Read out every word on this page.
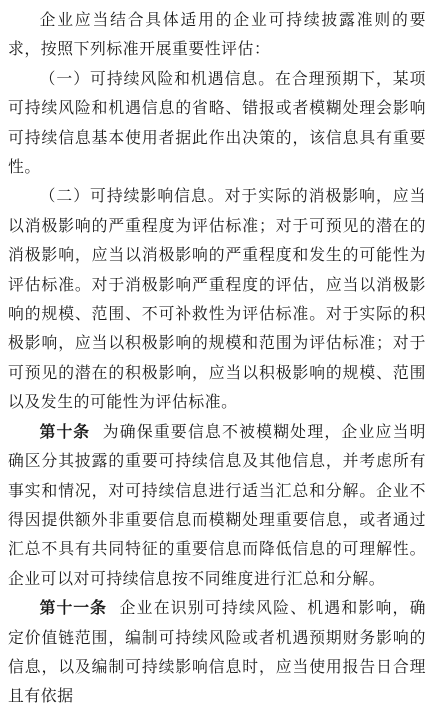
企业应当结合具体适用的企业可持续披露准则的要求，按照下列标准开展重要性评估：

（一）可持续风险和机遇信息。在合理预期下，某项可持续风险和机遇信息的省略、错报或者模糊处理会影响可持续信息基本使用者据此作出决策的，该信息具有重要性。

（二）可持续影响信息。对于实际的消极影响，应当以消极影响的严重程度为评估标准；对于可预见的潜在的消极影响，应当以消极影响的严重程度和发生的可能性为评估标准。对于消极影响严重程度的评估，应当以消极影响的规模、范围、不可补救性为评估标准。对于实际的积极影响，应当以积极影响的规模和范围为评估标准；对于可预见的潜在的积极影响，应当以积极影响的规模、范围以及发生的可能性为评估标准。

第十条 为确保重要信息不被模糊处理，企业应当明确区分其披露的重要可持续信息及其他信息，并考虑所有事实和情况，对可持续信息进行适当汇总和分解。企业不得因提供额外非重要信息而模糊处理重要信息，或者通过汇总不具有共同特征的重要信息而降低信息的可理解性。企业可以对可持续信息按不同维度进行汇总和分解。

第十一条 企业在识别可持续风险、机遇和影响，确定价值链范围，编制可持续风险或者机遇预期财务影响的信息，以及编制可持续影响信息时，应当使用报告日合理且有依据
